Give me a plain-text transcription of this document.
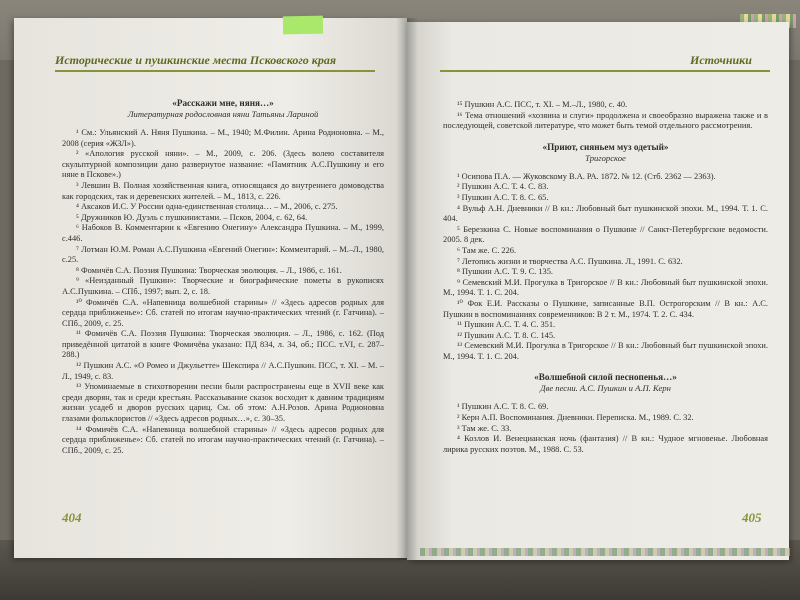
Исторические и пушкинские места Псковского края	Источники

«Расскажи мне, няня…»

Литературная родословная няни Татьяны Лариной

¹ См.: Ульянский А. Няня Пушкина. – М., 1940; М.Филин. Арина Родионовна. – М., 2008 (серия «ЖЗЛ»).

² «Апология русской няни». – М., 2009, с. 206. (Здесь волею составителя скульптурной композиции дано развернутое название: «Памятник А.С.Пушкину и его няне в Пскове».)

³ Левшин В. Полная хозяйственная книга, относящаяся до внутреннего домоводства как городских, так и деревенских жителей. – М., 1813, с. 226.

⁴ Аксаков И.С. У России одна-единственная столица… – М., 2006, с. 275.

⁵ Дружников Ю. Дуэль с пушкинистами. – Псков, 2004, с. 62, 64.

⁶ Набоков В. Комментарии к «Евгению Онегину» Александра Пушкина. – М., 1999, с.446.

⁷ Лотман Ю.М. Роман А.С.Пушкина «Евгений Онегин»: Комментарий. – М.–Л., 1980, с.25.

⁸ Фомичёв С.А. Поэзия Пушкина: Творческая эволюция. – Л., 1986, с. 161.

⁹ «Неизданный Пушкин»: Творческие и биографические пометы в рукописях А.С.Пушкина. – СПб., 1997; вып. 2, с. 18.

¹⁰ Фомичёв С.А. «Напевница волшебной старины» // «Здесь адресов родных для сердца приближенье»: Сб. статей по итогам научно-практических чтений (г. Гатчина). – СПб., 2009, с. 25.

¹¹ Фомичёв С.А. Поэзия Пушкина: Творческая эволюция. – Л., 1986, с. 162. (Под приведённой цитатой в книге Фомичёва указано: ПД 834, л. 34, об.; ПСС. т.VI, с. 287–288.)

¹² Пушкин А.С. «О Ромео и Джульетте» Шекспира // А.С.Пушкин. ПСС, т. XI. – М. – Л., 1949, с. 83.

¹³ Упоминаемые в стихотворении песни были распространены еще в XVII веке как среди дворян, так и среди крестьян. Рассказывание сказок восходит к давним традициям жизни усадеб и дворов русских цариц. См. об этом: А.Н.Розов. Арина Родионовна глазами фольклористов // «Здесь адресов родных…», с. 30–35.

¹⁴ Фомичёв С.А. «Напевница волшебной старины» // «Здесь адресов родных для сердца приближенье»: Сб. статей по итогам научно-практических чтений (г. Гатчина). – СПб., 2009, с. 25.

¹⁵ Пушкин А.С. ПСС, т. XI. – М.–Л., 1980, с. 40.

¹⁶ Тема отношений «хозяина и слуги» продолжена и своеобразно выражена также и в последующей, советской литературе, что может быть темой отдельного рассмотрения.

«Приют, сияньем муз одетый»

Тригорское

¹ Осипова П.А. — Жуковскому В.А. РА. 1872. № 12. (Стб. 2362 — 2363).

² Пушкин А.С. Т. 4. С. 83.

³ Пушкин А.С. Т. 8. С. 65.

⁴ Вульф А.Н. Дневники // В кн.: Любовный быт пушкинской эпохи. М., 1994. Т. 1. С. 404.

⁵ Березкина С. Новые воспоминания о Пушкине // Санкт-Петербургские ведомости. 2005. 8 дек.

⁶ Там же. С. 226.

⁷ Летопись жизни и творчества А.С. Пушкина. Л., 1991. С. 632.

⁸ Пушкин А.С. Т. 9. С. 135.

⁹ Семевский М.И. Прогулка в Тригорское // В кн.: Любовный быт пушкинской эпохи. М., 1994. Т. 1. С. 204.

¹⁰ Фок Е.И. Рассказы о Пушкине, записанные В.П. Острогорским // В кн.: А.С. Пушкин в воспоминаниях современников: В 2 т. М., 1974. Т. 2. С. 434.

¹¹ Пушкин А.С. Т. 4. С. 351.

¹² Пушкин А.С. Т. 8. С. 145.

¹³ Семевский М.И. Прогулка в Тригорское // В кн.: Любовный быт пушкинской эпохи. М., 1994. Т. 1. С. 204.

«Волшебной силой песнопенья…»

Две песни. А.С. Пушкин и А.П. Керн

¹ Пушкин А.С. Т. 8. С. 69.

² Керн А.П. Воспоминания. Дневники. Переписка. М., 1989. С. 32.

³ Там же. С. 33.

⁴ Козлов И. Венецианская ночь (фантазия) // В кн.: Чудное мгновенье. Любовная лирика русских поэтов. М., 1988. С. 53.

404	405
